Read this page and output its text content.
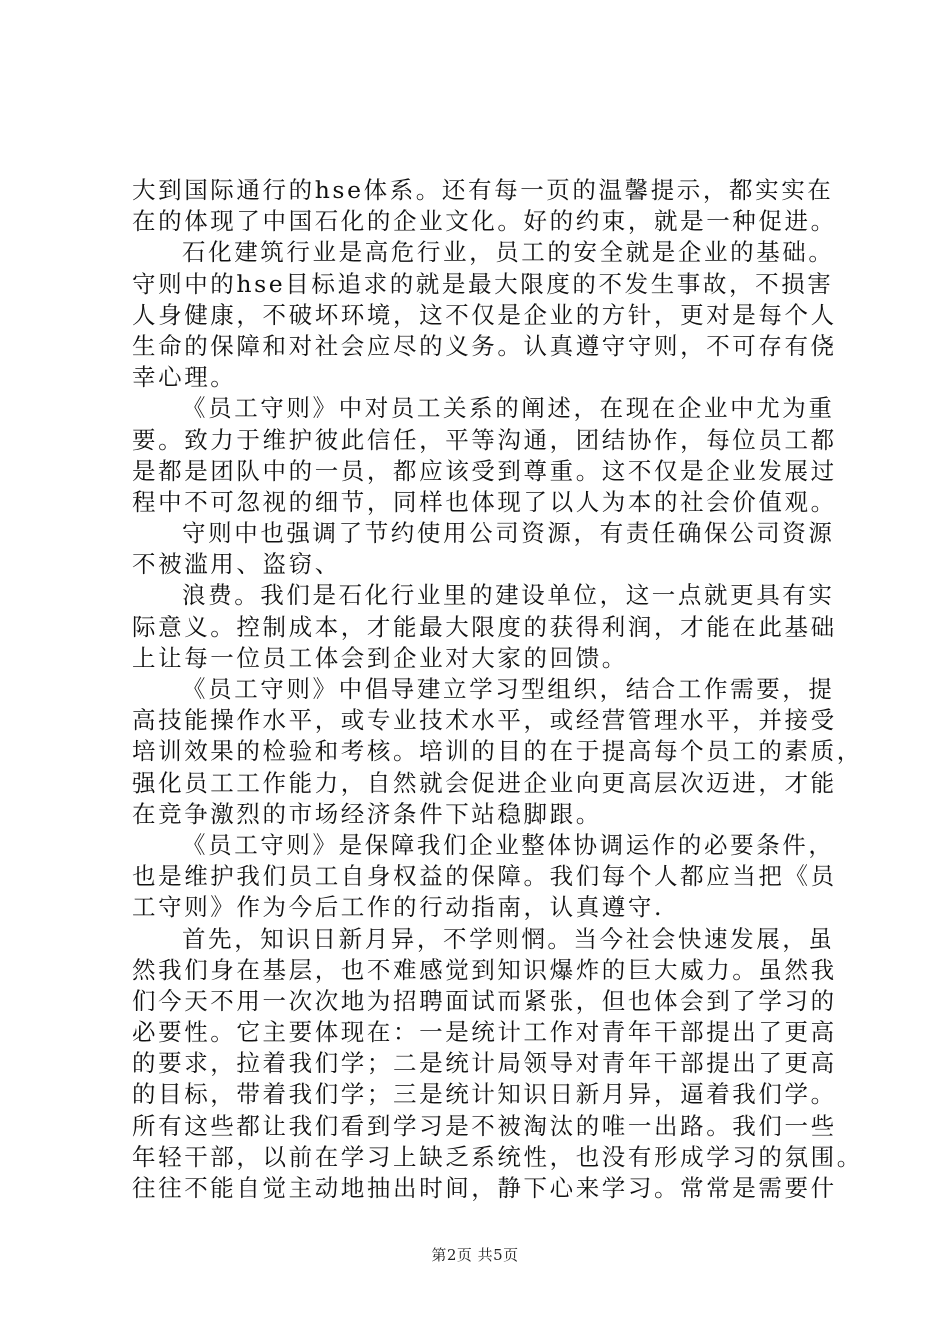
大到国际通行的hse体系。还有每一页的温馨提示，都实实在
在的体现了中国石化的企业文化。好的约束，就是一种促进。
石化建筑行业是高危行业，员工的安全就是企业的基础。
守则中的hse目标追求的就是最大限度的不发生事故，不损害
人身健康，不破坏环境，这不仅是企业的方针，更对是每个人
生命的保障和对社会应尽的义务。认真遵守守则，不可存有侥
幸心理。
《员工守则》中对员工关系的阐述，在现在企业中尤为重
要。致力于维护彼此信任，平等沟通，团结协作，每位员工都
是都是团队中的一员，都应该受到尊重。这不仅是企业发展过
程中不可忽视的细节，同样也体现了以人为本的社会价值观。
守则中也强调了节约使用公司资源，有责任确保公司资源
不被滥用、盗窃、
浪费。我们是石化行业里的建设单位，这一点就更具有实
际意义。控制成本，才能最大限度的获得利润，才能在此基础
上让每一位员工体会到企业对大家的回馈。
《员工守则》中倡导建立学习型组织，结合工作需要，提
高技能操作水平，或专业技术水平，或经营管理水平，并接受
培训效果的检验和考核。培训的目的在于提高每个员工的素质，
强化员工工作能力，自然就会促进企业向更高层次迈进，才能
在竞争激烈的市场经济条件下站稳脚跟。
《员工守则》是保障我们企业整体协调运作的必要条件，
也是维护我们员工自身权益的保障。我们每个人都应当把《员
工守则》作为今后工作的行动指南，认真遵守.
首先，知识日新月异，不学则惘。当今社会快速发展，虽
然我们身在基层，也不难感觉到知识爆炸的巨大威力。虽然我
们今天不用一次次地为招聘面试而紧张，但也体会到了学习的
必要性。它主要体现在：一是统计工作对青年干部提出了更高
的要求，拉着我们学；二是统计局领导对青年干部提出了更高
的目标，带着我们学；三是统计知识日新月异，逼着我们学。
所有这些都让我们看到学习是不被淘汰的唯一出路。我们一些
年轻干部，以前在学习上缺乏系统性，也没有形成学习的氛围。
往往不能自觉主动地抽出时间，静下心来学习。常常是需要什
第2页 共5页
